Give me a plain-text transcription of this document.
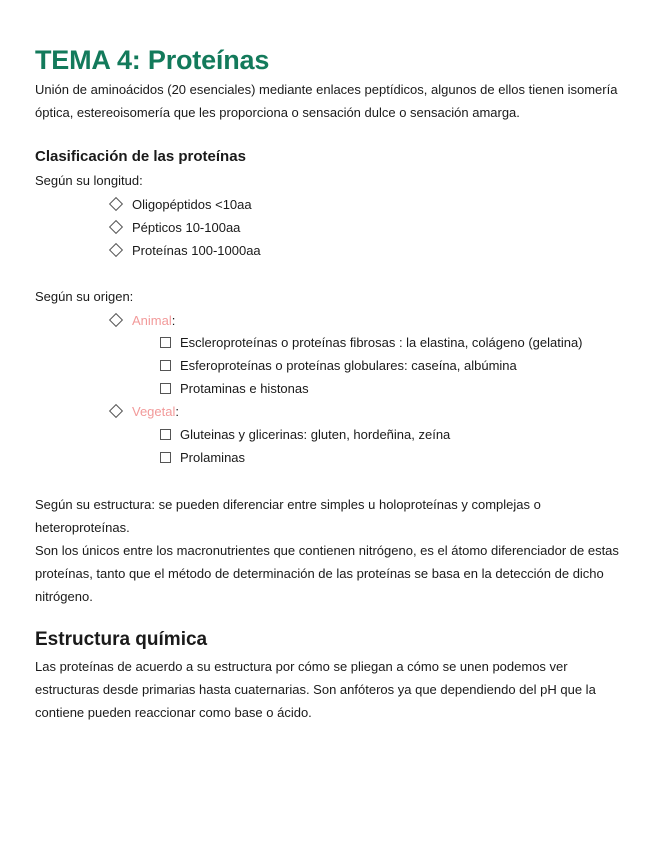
TEMA 4: Proteínas

Unión de aminoácidos (20 esenciales) mediante enlaces peptídicos, algunos de ellos tienen isomería óptica, estereoisomería que les proporciona o sensación dulce o sensación amarga.

Clasificación de las proteínas

Según su longitud:

Oligopéptidos <10aa

Pépticos 10-100aa

Proteínas 100-1000aa

Según su origen:

Animal:

Escleroproteínas o proteínas fibrosas : la elastina, colágeno (gelatina)

Esferoproteínas o proteínas globulares: caseína, albúmina

Protaminas e histonas

Vegetal:

Gluteinas y glicerinas: gluten, hordeñina, zeína

Prolaminas

Según su estructura: se pueden diferenciar entre simples u holoproteínas y complejas o heteroproteínas.

Son los únicos entre los macronutrientes que contienen nitrógeno, es el átomo diferenciador de estas proteínas, tanto que el método de determinación de las proteínas se basa en la detección de dicho nitrógeno.

Estructura química

Las proteínas de acuerdo a su estructura por cómo se pliegan a cómo se unen podemos ver estructuras desde primarias hasta cuaternarias. Son anfóteros ya que dependiendo del pH que la contiene pueden reaccionar como base o ácido.
